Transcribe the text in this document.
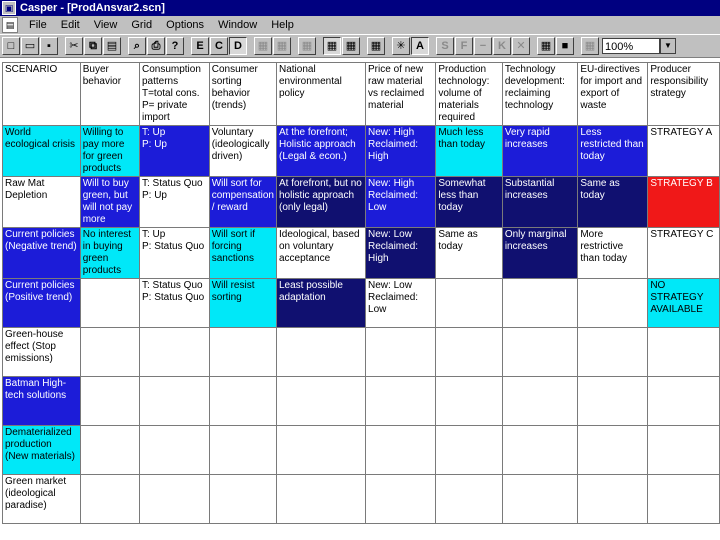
▣ Casper - [ProdAnsvar2.scn]
▤	File	Edit	View	Grid	Options	Window	Help
□ ▭	▪	✂ ⧉ ▤	⌕	⎙	?	E	C	D	▦ ▦	▦	▦ ▦	▦	✳ A	S	F	−	K ✕	▦ ■	▦ 100%	▼
SCENARIO	Buyer behavior	Consumption patterns T=total cons. P= private import	Consumer sorting behavior (trends)	National environmental policy	Price of new raw material vs reclaimed material	Production technology: volume of materials required	Technology development: reclaiming technology	EU-directives for import and export of waste	Producer responsibility strategy
World ecological crisis	Willing to pay more for green products	T: Up
P: Up	Voluntary (ideologically driven)	At the forefront; Holistic approach (Legal & econ.)	New: High
Reclaimed: High	Much less than today	Very rapid increases	Less restricted than today	STRATEGY A
Raw Mat Depletion	Will to buy green, but will not pay more	T: Status Quo
P: Up	Will sort for compensation / reward	At forefront, but no holistic approach (only legal)	New: High
Reclaimed: Low	Somewhat less than today	Substantial increases	Same as today	STRATEGY B
Current policies (Negative trend)	No interest in buying green products	T: Up
P: Status Quo	Will sort if forcing sanctions	Ideological, based on voluntary acceptance	New: Low
Reclaimed: High	Same as today	Only marginal increases	More restrictive than today	STRATEGY C
Current policies (Positive trend)		T: Status Quo
P: Status Quo	Will resist sorting	Least possible adaptation	New: Low
Reclaimed: Low				NO STRATEGY AVAILABLE
Green-house effect (Stop emissions)									
Batman High-tech solutions									
Dematerialized production (New materials)									
Green market (ideological paradise)									
